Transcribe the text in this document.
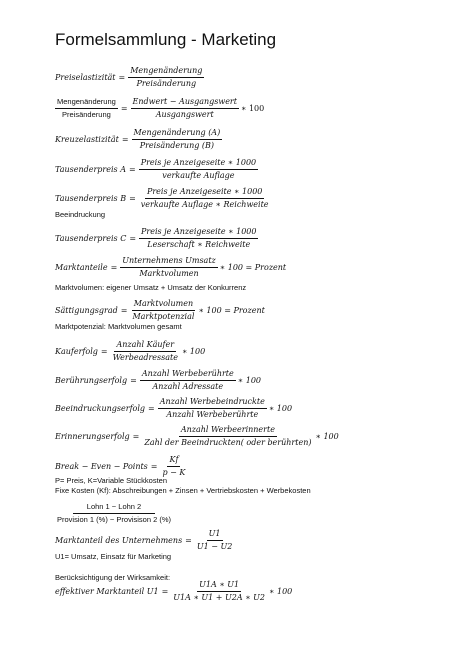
Formelsammlung - Marketing
Preiselastizität = $\frac{\text{Mengenänderung}}{\text{Preisänderung}}$
$\frac{\text{Mengenänderung}}{\text{Preisänderung}} = \frac{\text{Endwert − Ausgangswert}}{\text{Ausgangswert}}$ ∗ 100
Kreuzelastizität = $\frac{\text{Mengenänderung (A)}}{\text{Preisänderung (B)}}$
Tausenderpreis $A = \frac{\text{Preis je Anzeigeseite ∗ 1000}}{\text{verkaufte Auflage}}$
Tausenderpreis $B = \frac{\text{Preis je Anzeigeseite ∗ 1000}}{\text{verkaufte Auflage ∗ Reichweite}}$
Beeindruckung
Tausenderpreis $C = \frac{\text{Preis je Anzeigeseite ∗ 1000}}{\text{Leserschaft ∗ Reichweite}}$
Marktanteile = $\frac{\text{Unternehmens Umsatz}}{\text{Marktvolumen}}$ ∗ 100 = Prozent
Marktvolumen: eigener Umsatz + Umsatz der Konkurrenz
Sättigungsgrad = $\frac{\text{Marktvolumen}}{\text{Marktpotenzial}}$ ∗ 100 = Prozent
Marktpotenzial: Marktvolumen gesamt
Kauferfolg = $\frac{\text{Anzahl Käufer}}{\text{Werbeadressate}}$ ∗ 100
Berührungserfolg = $\frac{\text{Anzahl Werbeberührte}}{\text{Anzahl Adressate}}$ ∗ 100
Beeindruckungserfolg = $\frac{\text{Anzahl Werbebeindruckte}}{\text{Anzahl Werbeberührte}}$ ∗ 100
Erinnerungserfolg = $\frac{\text{Anzahl Werbeerinnerte}}{\text{Zahl der Beeindruckten( oder berührten)}}$ ∗ 100
Break − Even − Points = $\frac{Kf}{p - K}$
P= Preis, K=Variable Stückkosten
Fixe Kosten (Kf): Abschreibungen + Zinsen + Vertriebskosten + Werbekosten
$\frac{\text{Lohn 1 − Lohn 2}}{\text{Provision 1 (\%) − Provisison 2 (\%)}}$
Marktanteil des Unternehmens = $\frac{U1}{U1 - U2}$
U1= Umsatz, Einsatz für Marketing
Berücksichtigung der Wirksamkeit:
effektiver Marktanteil $U1 = \frac{U1A ∗ U1}{U1A ∗ U1 + U2A ∗ U2}$ ∗ 100
